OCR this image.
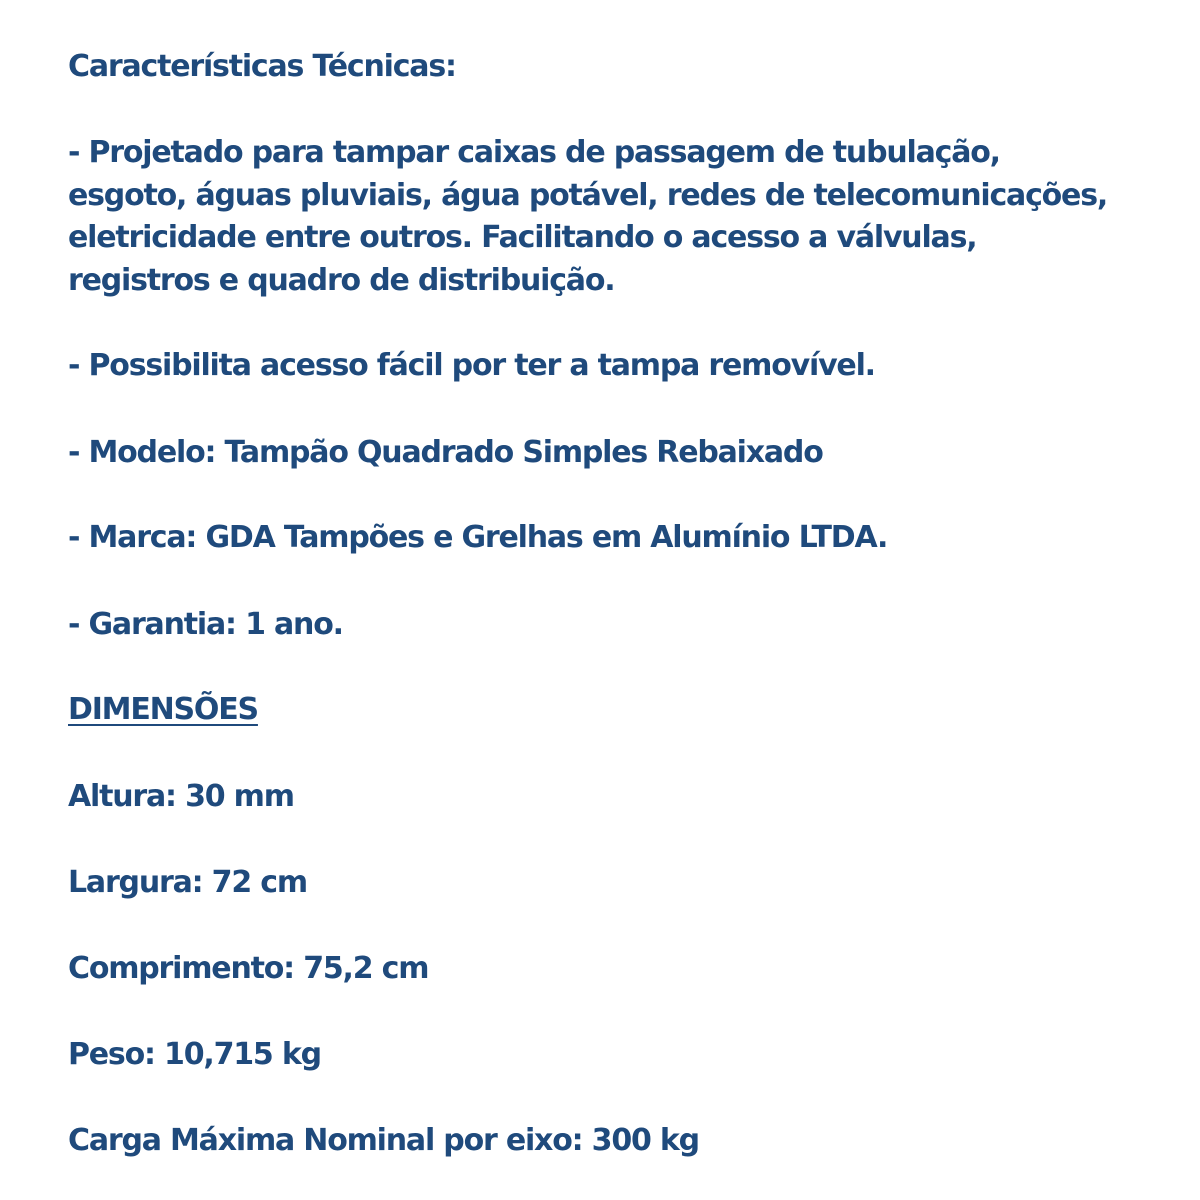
Características Técnicas:
- Projetado para tampar caixas de passagem de tubulação,
esgoto, águas pluviais, água potável, redes de telecomunicações,
eletricidade entre outros. Facilitando o acesso a válvulas,
registros e quadro de distribuição.
- Possibilita acesso fácil por ter a tampa removível.
- Modelo: Tampão Quadrado Simples Rebaixado
- Marca: GDA Tampões e Grelhas em Alumínio LTDA.
- Garantia: 1 ano.
DIMENSÕES
Altura: 30 mm
Largura: 72 cm
Comprimento: 75,2 cm
Peso: 10,715 kg
Carga Máxima Nominal por eixo: 300 kg
